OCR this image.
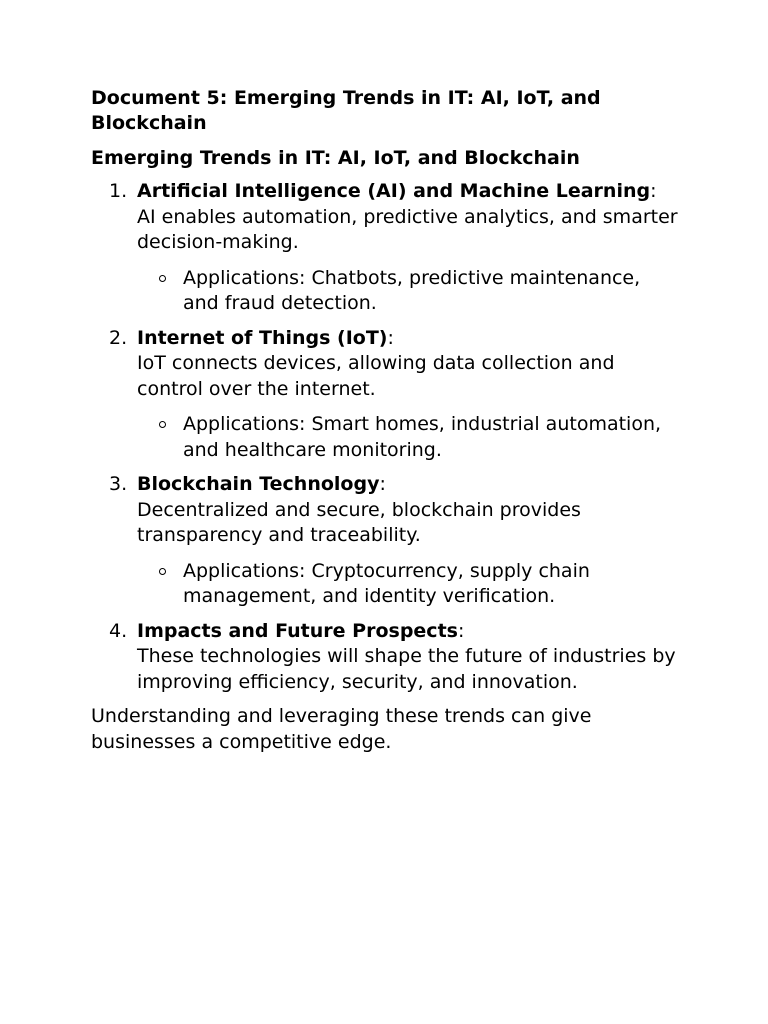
Document 5: Emerging Trends in IT: AI, IoT, and Blockchain

Emerging Trends in IT: AI, IoT, and Blockchain

1. Artificial Intelligence (AI) and Machine Learning:
AI enables automation, predictive analytics, and smarter decision-making.
Applications: Chatbots, predictive maintenance, and fraud detection.
2. Internet of Things (IoT):
IoT connects devices, allowing data collection and control over the internet.
Applications: Smart homes, industrial automation, and healthcare monitoring.
3. Blockchain Technology:
Decentralized and secure, blockchain provides transparency and traceability.
Applications: Cryptocurrency, supply chain management, and identity verification.
4. Impacts and Future Prospects:
These technologies will shape the future of industries by improving efficiency, security, and innovation.

Understanding and leveraging these trends can give businesses a competitive edge.
